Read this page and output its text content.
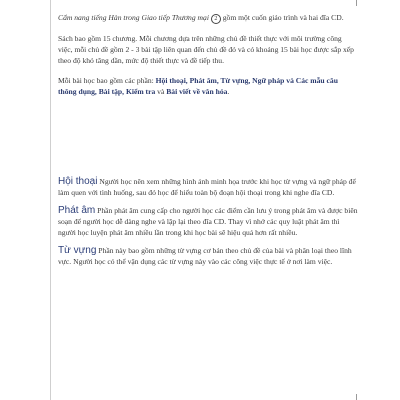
Cẩm nang tiếng Hàn trong Giao tiếp Thương mại 2 gồm một cuốn giáo trình và hai đĩa CD.

Sách bao gồm 15 chương. Mỗi chương dựa trên những chủ đề thiết thực với môi trường công việc, mỗi chủ đề gồm 2 - 3 bài tập liên quan đến chủ đề đó và có khoảng 15 bài học được sắp xếp theo độ khó tăng dần, mức độ thiết thực và đề tiếp thu.

Mỗi bài học bao gồm các phần: Hội thoại, Phát âm, Từ vựng, Ngữ pháp và Các mẫu câu thông dụng, Bài tập, Kiểm tra và Bài viết về văn hóa.

Hội thoại Người học nên xem những hình ảnh minh họa trước khi học từ vựng và ngữ pháp để làm quen với tình huống, sau đó học để hiểu toàn bộ đoạn hội thoại trong khi nghe đĩa CD.

Phát âm Phần phát âm cung cấp cho người học các điểm cần lưu ý trong phát âm và được biên soạn để người học dễ dàng nghe và lặp lại theo đĩa CD. Thay vì nhớ các quy luật phát âm thì người học luyện phát âm nhiều lần trong khi học bài sẽ hiệu quả hơn rất nhiều.

Từ vựng Phần này bao gồm những từ vựng cơ bản theo chủ đề của bài và phân loại theo lĩnh vực. Người học có thể vận dụng các từ vựng này vào các công việc thực tế ở nơi làm việc.
